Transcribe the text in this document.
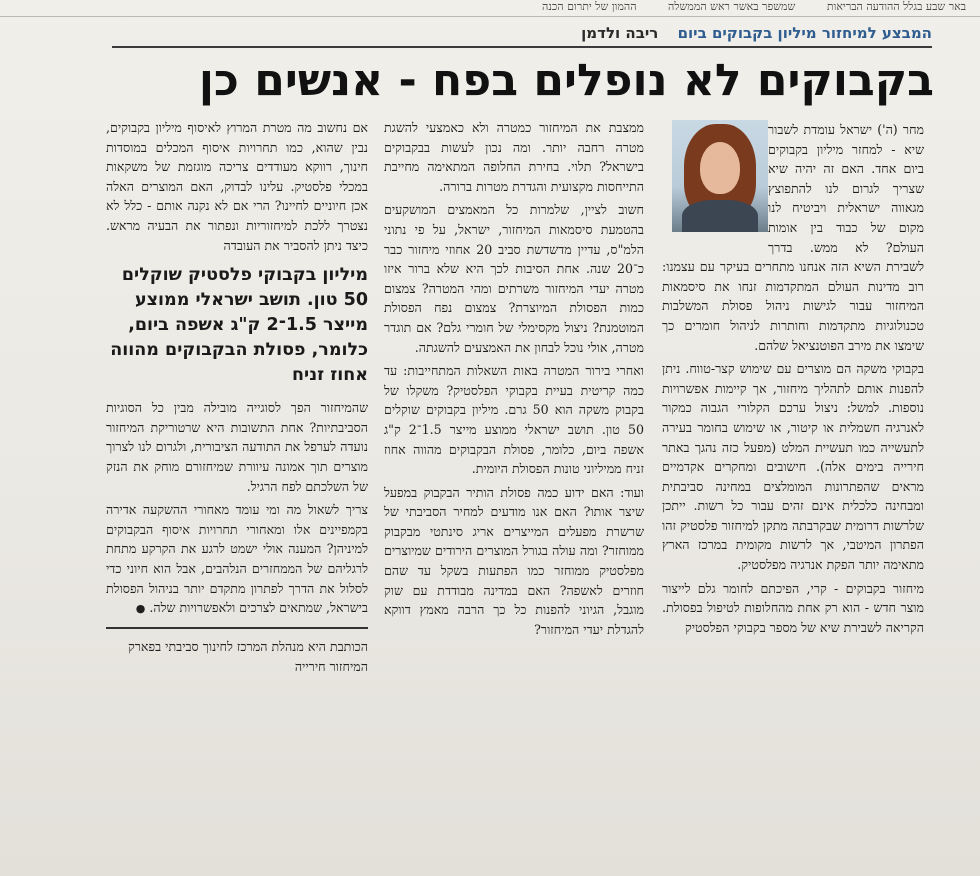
באר שבע בגלל ההודעה הבריאות שמשפר באשר ראש הממשלה ההמון של יתרום הכנה
המבצע למיחזור מיליון בקבוקים ביום ריבה ולדמן
בקבוקים לא נופלים בפח - אנשים כן

מחר (ה') ישראל עומדת לשבור שיא - למחזר מיליון בקבוקים ביום אחד. האם זה יהיה שיא שצריך לגרום לנו להתפוצץ מגאווה ישראלית ויביטיח לנו מקום של כבוד בין אומות העולם? לא ממש. בדרך לשבירת השיא הזה אנחנו מתחרים בעיקר עם עצמנו: רוב מדינות העולם המתקדמות זנחו את סיסמאות המיחזור עבור לגישות ניהול פסולת המשלבות טכנולוגיות מתקדמות וחותרות לניהול חומרים כך שימצו את מירב הפוטנציאל שלהם.

בקבוקי משקה הם מוצרים עם שימוש קצר-טווח. ניתן להפנות אותם לתהליך מיחזור, אך קיימות אפשרויות נוספות. למשל: ניצול ערכם הקלורי הגבוה כמקור לאנרגיה חשמלית או קיטור, או שימוש בחומר בעירה לתעשייה כמו תעשיית המלט (מפעל כזה נהגך באתר חירייה בימים אלה). חישובים ומחקרים אקדמיים מראים שהפתרונות המומלצים במחינה סביבתית ומבחינה כלכלית אינם זהים עבור כל רשות. ייתכן שלרשות דרומית שבקרבתה מתקן למיחזור פלסטיק זהו הפתרון המיטבי, אך לרשות מקומית במרכז הארץ מתאימה יותר הפקת אנרגיה מפלסטיק.

מיחזור בקבוקים - קרי, הפיכתם לחומר גלם לייצור מוצר חדש - הוא רק אחת מהחלופות לטיפול בפסולת. הקריאה לשבירת שיא של מספר בקבוקי הפלסטיק

ממצבת את המיחזור כמטרה ולא כאמצעי להשגת מטרה רחבה יותר. ומה נכון לעשות בבקבוקים בישראל? תלוי. בחירת החלופה המתאימה מחייבת התייחסות מקצועית והגדרת מטרות ברורה.

חשוב לציין, שלמרות כל המאמצים המושקעים בהטמעת סיסמאות המיחזור, ישראל, על פי נתוני הלמ"ס, עדיין מדשדשת סביב 20 אחוזי מיחזור כבר כ־20 שנה. אחת הסיבות לכך היא שלא ברור איזו מטרה יעדי המיחזור משרתים ומהי המטרה? צמצום כמות הפסולת המיוצרת? צמצום נפח הפסולת המוטמנת? ניצול מקסימלי של חומרי גלם? אם תוגדר מטרה, אולי נוכל לבחון את האמצעים להשגתה.

ואחרי בירור המטרה באות השאלות המתחייבות: עד כמה קריטית בעיית בקבוקי הפלסטיק? משקלו של בקבוק משקה הוא 50 גרם. מיליון בקבוקים שוקלים 50 טון. תושב ישראלי ממוצע מייצר 1.5־2 ק"ג אשפה ביום, כלומר, פסולת הבקבוקים מהווה אחוז זניח ממיליוני טונות הפסולת היומית.

ועוד: האם ידוע כמה פסולת הותיר הבקבוק במפעל שיצר אותו? האם אנו מודעים למחיר הסביבתי של שרשרת מפעלים המייצרים אריג סינתטי מבקבוק ממוחזר? ומה עולה בגורל המוצרים הירודים שמיוצרים מפלסטיק ממוחזר כמו הפתעות בשקל עד שהם חוזרים לאשפה? האם במדינה מבודדת עם שוק מוגבל, הגיוני להפנות כל כך הרבה מאמץ דווקא להגדלת יעדי המיחזור?

אם נחשוב מה מטרת המרוץ לאיסוף מיליון בקבוקים, נבין שהוא, כמו תחרויות איסוף המכלים במוסדות חינוך, רווקא מעודדים צריכה מוגזמת של משקאות במכלי פלסטיק. עלינו לבדוק, האם המוצרים האלה אכן חיוניים לחיינו? הרי אם לא נקנה אותם - כלל לא נצטרך ללכת למיחזוריות ונפתור את הבעיה מראש. כיצד ניתן להסביר את העובדה

מיליון בקבוקי פלסטיק שוקלים 50 טון. תושב ישראלי ממוצע מייצר 1.5־2 ק"ג אשפה ביום, כלומר, פסולת הבקבוקים מהווה אחוז זניח

שהמיחזור הפך לסוגייה מובילה מבין כל הסוגיות הסביבתיות? אחת התשובות היא שרטוריקת המיחזור נועדה לערפל את התודעה הציבורית, ולגרום לנו לצרוך מוצרים תוך אמונה עיוורת שמיחזורם מוחק את הנזק של השלכתם לפח הרגיל.

צריך לשאול מה ומי עומד מאחורי ההשקעה אדירה בקמפיינים אלו ומאחורי תחרויות איסוף הבקבוקים למיניהן? המענה אולי ישמט לרגע את הקרקע מתחת לרגליהם של הממחזרים הנלהבים, אבל הוא חיוני כדי לסלול את הדרך לפתרון מתקדם יותר בניהול הפסולת בישראל, שמתאים לצרכים ולאפשרויות שלה. ●

הכותבת היא מנהלת המרכז לחינוך סביבתי בפארק המיחזור חירייה
